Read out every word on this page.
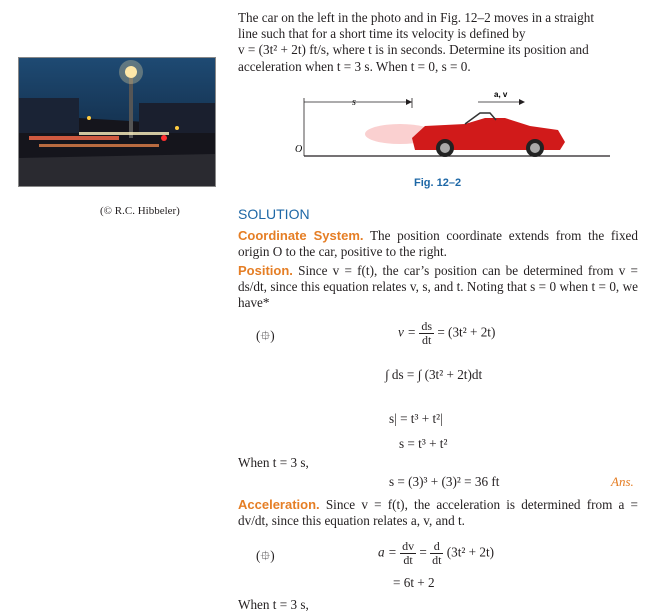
The car on the left in the photo and in Fig. 12–2 moves in a straight
line such that for a short time its velocity is defined by
v = (3t² + 2t) ft/s, where t is in seconds. Determine its position and
acceleration when t = 3 s. When t = 0, s = 0.
(© R.C. Hibbeler)
s
a, v
O
Fig. 12–2
SOLUTION
Coordinate System. The position coordinate extends from the fixed origin O to the car, positive to the right.
Position. Since v = f(t), the car’s position can be determined from v = ds/dt, since this equation relates v, s, and t. Noting that s = 0 when t = 0, we have*
(⯐)	$v = \frac{ds}{dt} = (3t^2 + 2t)$
∫ ds = ∫ (3t² + 2t)dt
s| = t³ + t²|
s = t³ + t²
When t = 3 s,
s = (3)³ + (3)² = 36 ft	Ans.
Acceleration. Since v = f(t), the acceleration is determined from a = dv/dt, since this equation relates a, v, and t.
(⯐)	$a = \frac{dv}{dt} = \frac{d}{dt} (3t^2 + 2t)$
= 6t + 2
When t = 3 s,
